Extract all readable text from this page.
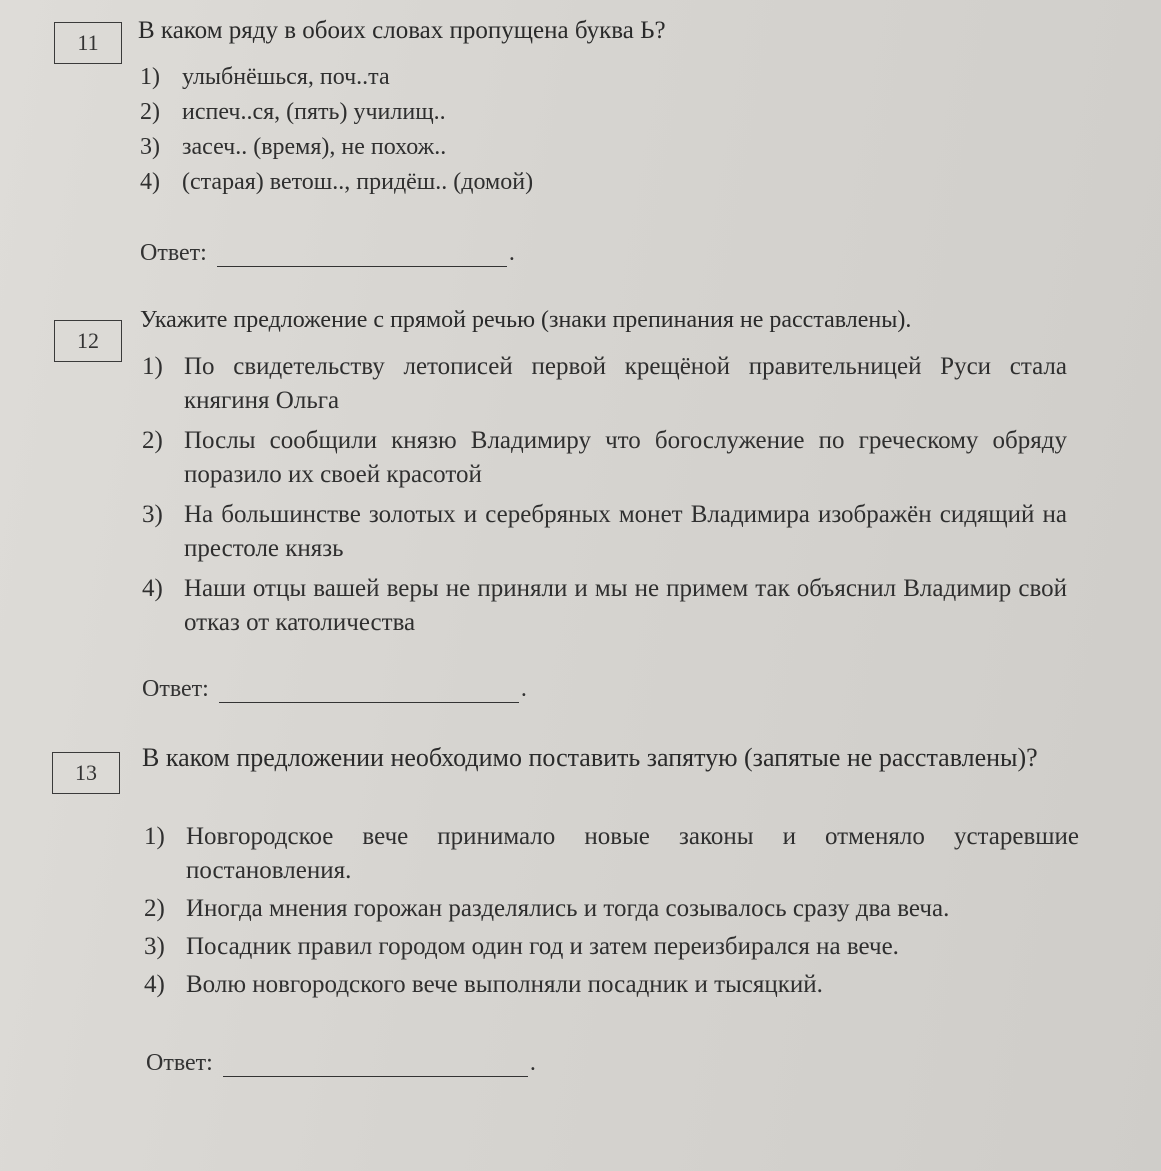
11	В каком ряду в обоих словах пропущена буква Ь?
1) улыбнёшься, поч..та
2) испеч..ся, (пять) училищ..
3) засеч.. (время), не похож..
4) (старая) ветош.., придёш.. (домой)
Ответ:	.
12
Укажите предложение с прямой речью (знаки препинания не расставлены).
1) По свидетельству летописей первой крещёной правительницей Руси стала княгиня Ольга
2) Послы сообщили князю Владимиру что богослужение по греческому обряду поразило их своей красотой
3) На большинстве золотых и серебряных монет Владимира изображён сидящий на престоле князь
4) Наши отцы вашей веры не приняли и мы не примем так объяснил Владимир свой отказ от католичества
Ответ:	.
13
В каком предложении необходимо поставить запятую (запятые не расставлены)?
1) Новгородское вече принимало новые законы и отменяло устаревшие постановления.
2) Иногда мнения горожан разделялись и тогда созывалось сразу два веча.
3) Посадник правил городом один год и затем переизбирался на вече.
4) Волю новгородского вече выполняли посадник и тысяцкий.
Ответ:	.
